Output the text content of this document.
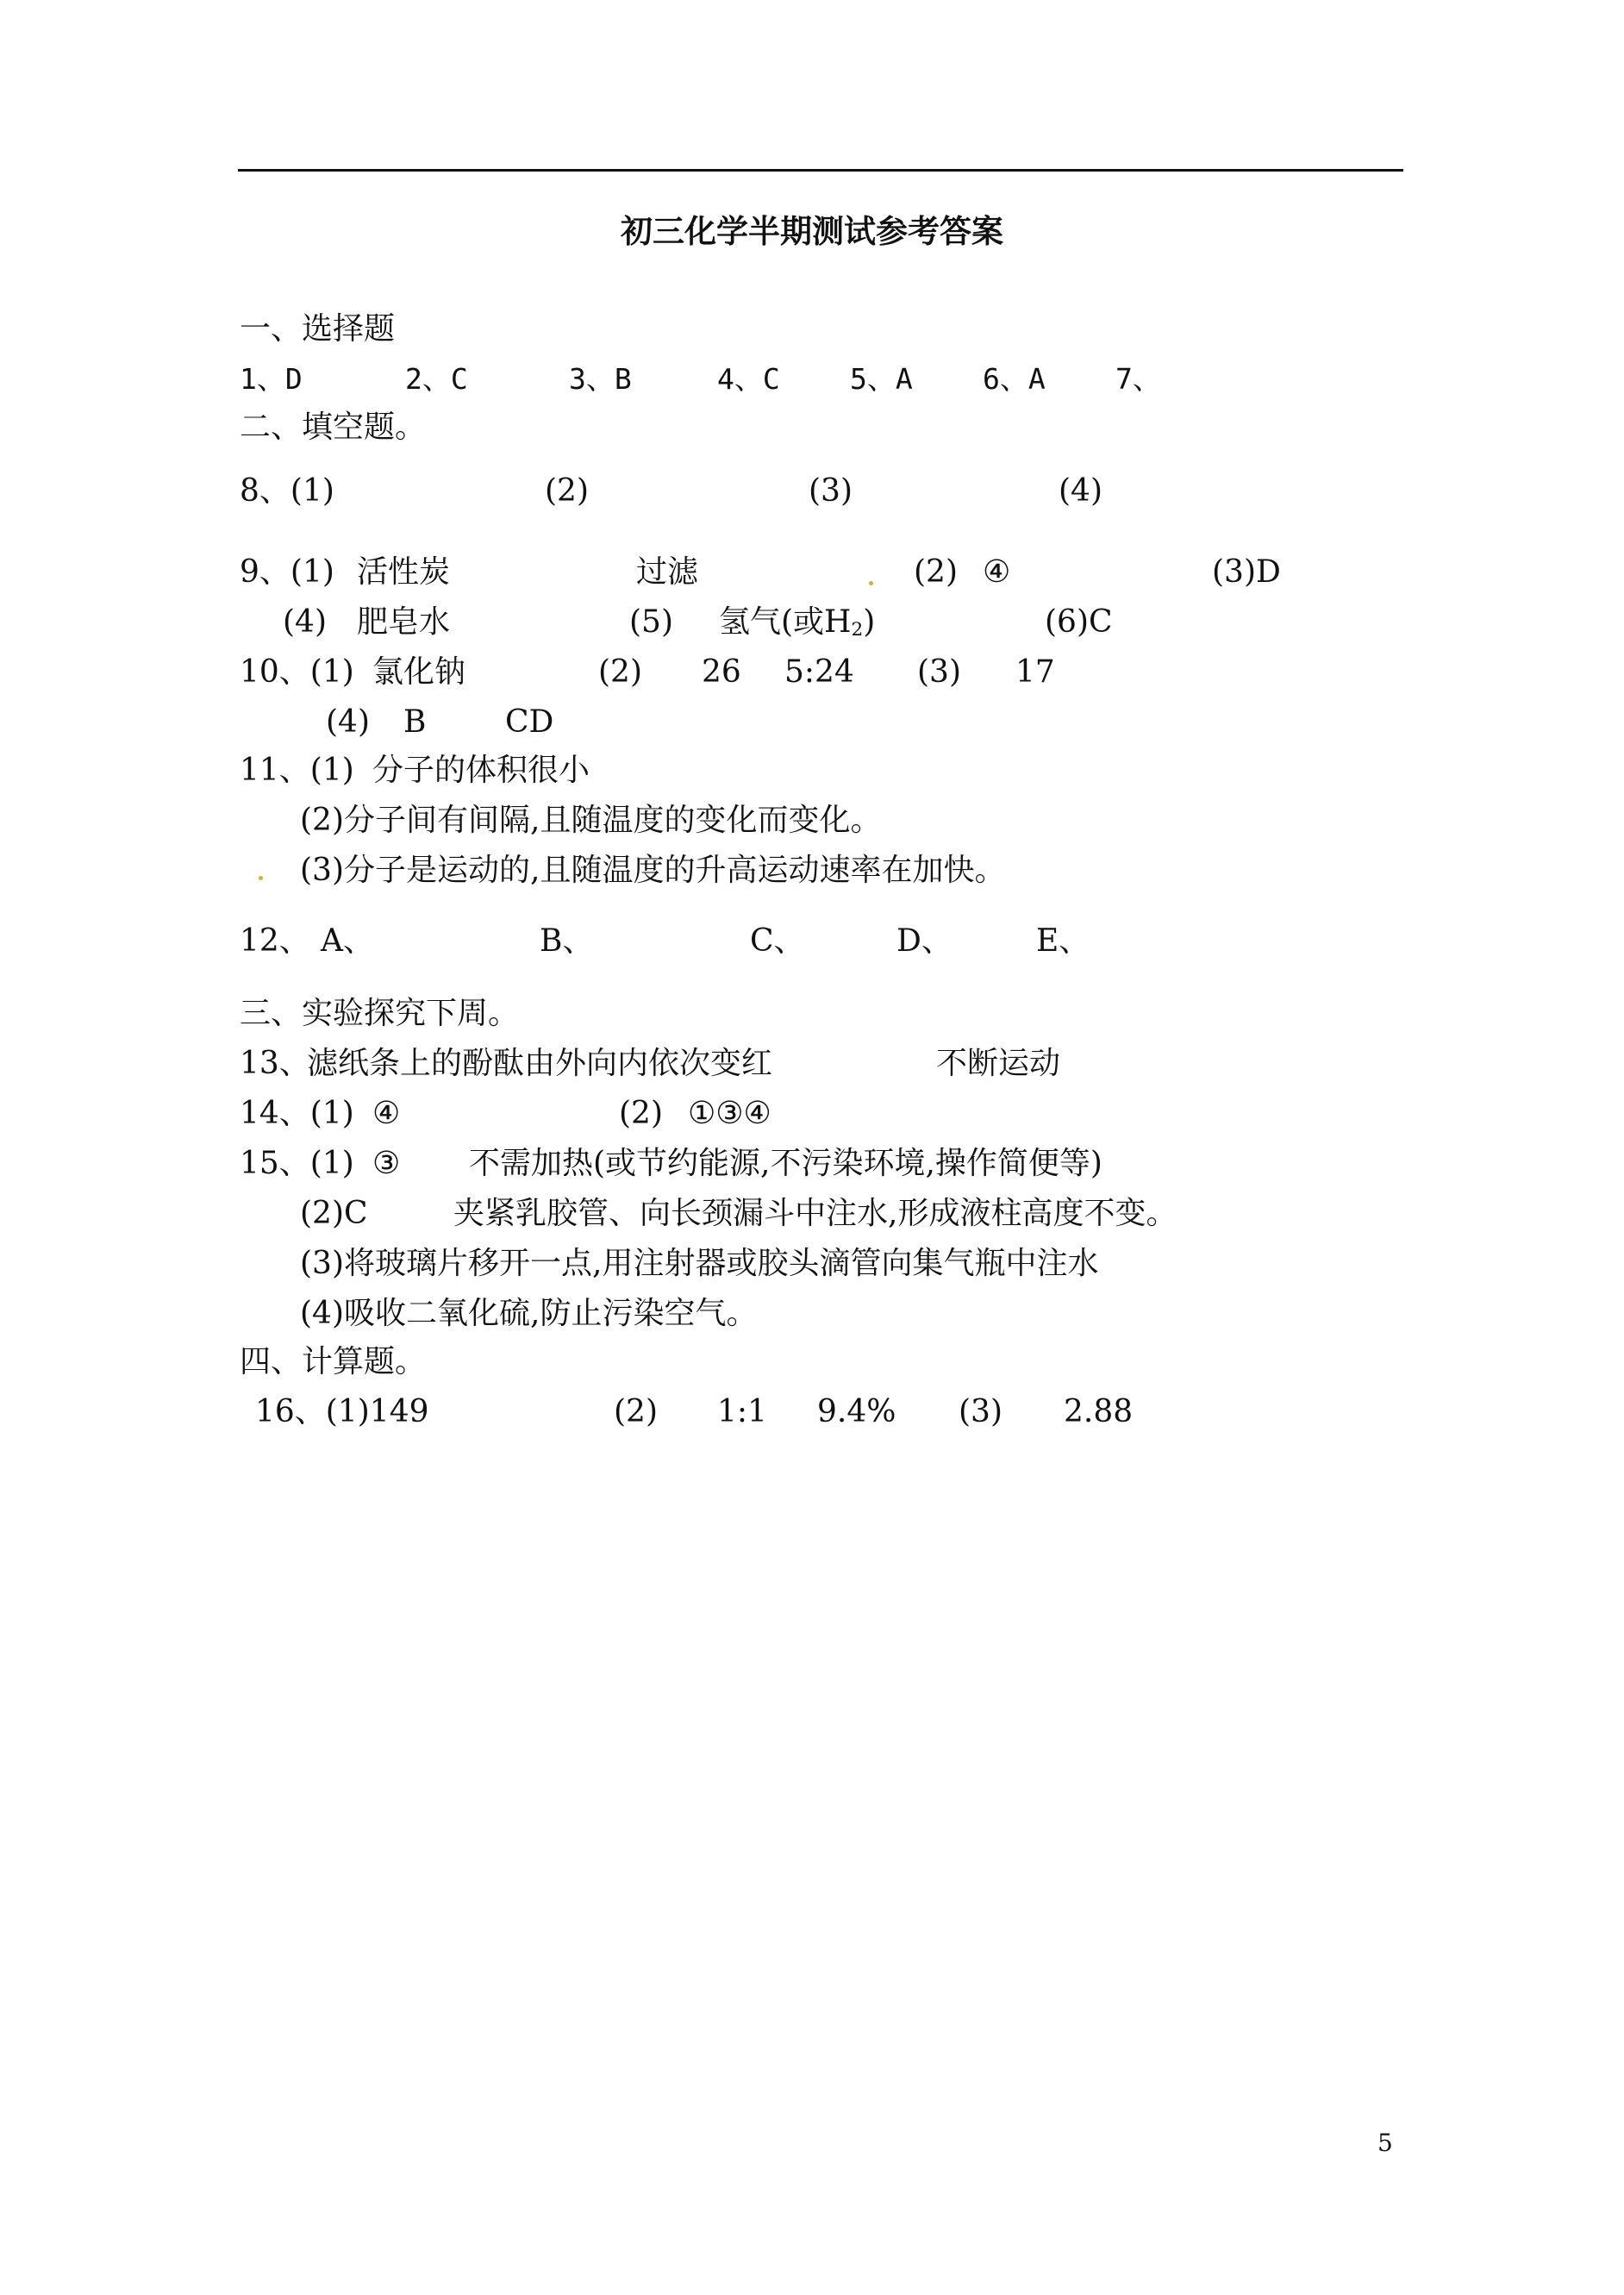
初三化学半期测试参考答案
一、选择题
1、D	2、C	3、B	4、C 5、A 6、A 7、
二、填空题。
8、(1)	(2)	(3)	(4)
9、(1) 活性炭	过滤	(2) ④	(3)D
(4) 肥皂水	(5) 氢气(或$H_2$)	(6)C
10、(1) 氯化钠	(2) 26 5:24 (3) 17
(4) B	CD
11、(1) 分子的体积很小
(2)分子间有间隔,且随温度的变化而变化。
(3)分子是运动的,且随温度的升高运动速率在加快。
12、 A、	B、	C、	D、	E、
三、实验探究下周。
13、
滤纸条上的酚酞由外向内依次变红	不断运动
14、(1) ④	(2) ①③④
15、(1) ③ 不需加热(或节约能源,不污染环境,操作简便等)
(2)C	夹紧乳胶管、向长颈漏斗中注水,形成液柱高度不变。
(3)将玻璃片移开一点,用注射器或胶头滴管向集气瓶中注水
(4)吸收二氧化硫,防止污染空气。
四、计算题。
16、(1)149	(2) 1:1 9.4% (3) 2.88
5
